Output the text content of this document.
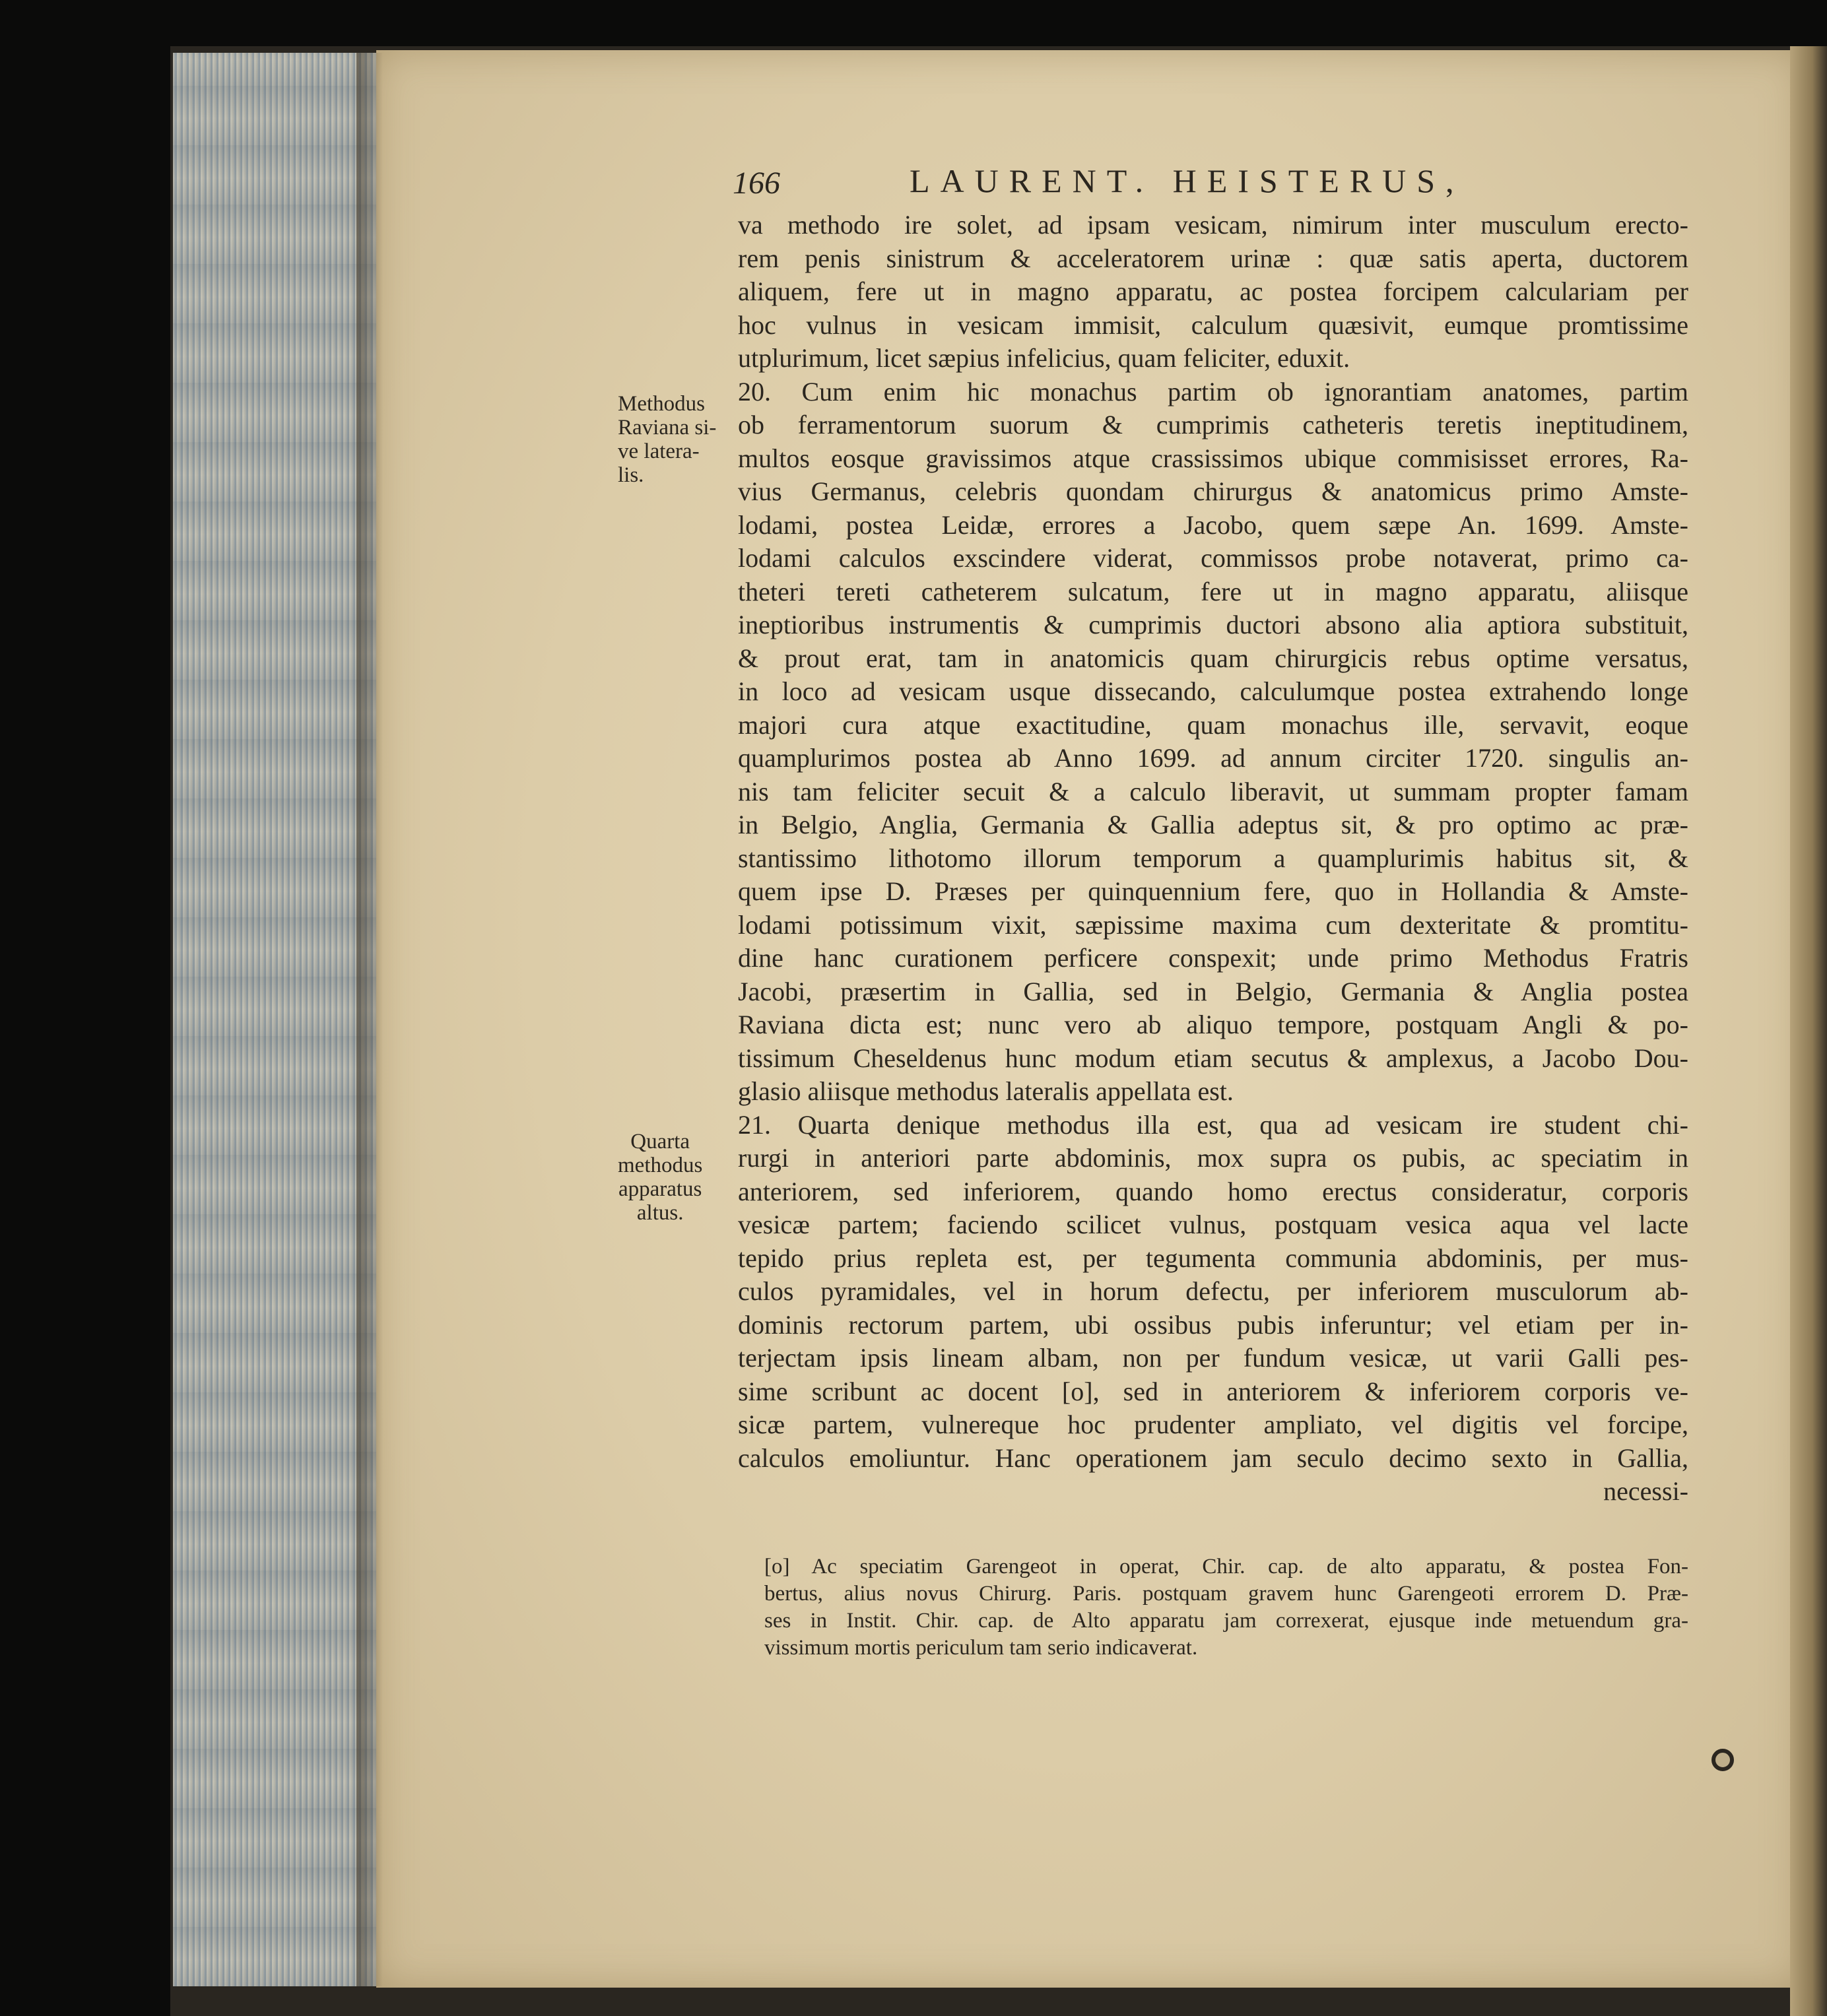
166	LAURENT. HEISTERUS,
Methodus
Raviana si-
ve latera-
lis.
Quarta
methodus
apparatus
altus.
va methodo ire solet, ad ipsam vesicam, nimirum inter musculum erecto-
rem penis sinistrum & acceleratorem urinæ : quæ satis aperta, ductorem
aliquem, fere ut in magno apparatu, ac postea forcipem calculariam per
hoc vulnus in vesicam immisit, calculum quæsivit, eumque promtissime
utplurimum, licet sæpius infelicius, quam feliciter, eduxit.
20. Cum enim hic monachus partim ob ignorantiam anatomes, partim
ob ferramentorum suorum & cumprimis catheteris teretis ineptitudinem,
multos eosque gravissimos atque crassissimos ubique commisisset errores, Ra-
vius Germanus, celebris quondam chirurgus & anatomicus primo Amste-
lodami, postea Leidæ, errores a Jacobo, quem sæpe An. 1699. Amste-
lodami calculos exscindere viderat, commissos probe notaverat, primo ca-
theteri tereti catheterem sulcatum, fere ut in magno apparatu, aliisque
ineptioribus instrumentis & cumprimis ductori absono alia aptiora substituit,
& prout erat, tam in anatomicis quam chirurgicis rebus optime versatus,
in loco ad vesicam usque dissecando, calculumque postea extrahendo longe
majori cura atque exactitudine, quam monachus ille, servavit, eoque
quamplurimos postea ab Anno 1699. ad annum circiter 1720. singulis an-
nis tam feliciter secuit & a calculo liberavit, ut summam propter famam
in Belgio, Anglia, Germania & Gallia adeptus sit, & pro optimo ac præ-
stantissimo lithotomo illorum temporum a quamplurimis habitus sit, &
quem ipse D. Præses per quinquennium fere, quo in Hollandia & Amste-
lodami potissimum vixit, sæpissime maxima cum dexteritate & promtitu-
dine hanc curationem perficere conspexit; unde primo Methodus Fratris
Jacobi, præsertim in Gallia, sed in Belgio, Germania & Anglia postea
Raviana dicta est; nunc vero ab aliquo tempore, postquam Angli & po-
tissimum Cheseldenus hunc modum etiam secutus & amplexus, a Jacobo Dou-
glasio aliisque methodus lateralis appellata est.
21. Quarta denique methodus illa est, qua ad vesicam ire student chi-
rurgi in anteriori parte abdominis, mox supra os pubis, ac speciatim in
anteriorem, sed inferiorem, quando homo erectus consideratur, corporis
vesicæ partem; faciendo scilicet vulnus, postquam vesica aqua vel lacte
tepido prius repleta est, per tegumenta communia abdominis, per mus-
culos pyramidales, vel in horum defectu, per inferiorem musculorum ab-
dominis rectorum partem, ubi ossibus pubis inferuntur; vel etiam per in-
terjectam ipsis lineam albam, non per fundum vesicæ, ut varii Galli pes-
sime scribunt ac docent [o], sed in anteriorem & inferiorem corporis ve-
sicæ partem, vulnereque hoc prudenter ampliato, vel digitis vel forcipe,
calculos emoliuntur. Hanc operationem jam seculo decimo sexto in Gallia,
necessi-
[o] Ac speciatim Garengeot in operat, Chir. cap. de alto apparatu, & postea Fon-
bertus, alius novus Chirurg. Paris. postquam gravem hunc Garengeoti errorem D. Præ-
ses in Instit. Chir. cap. de Alto apparatu jam correxerat, ejusque inde metuendum gra-
vissimum mortis periculum tam serio indicaverat.
